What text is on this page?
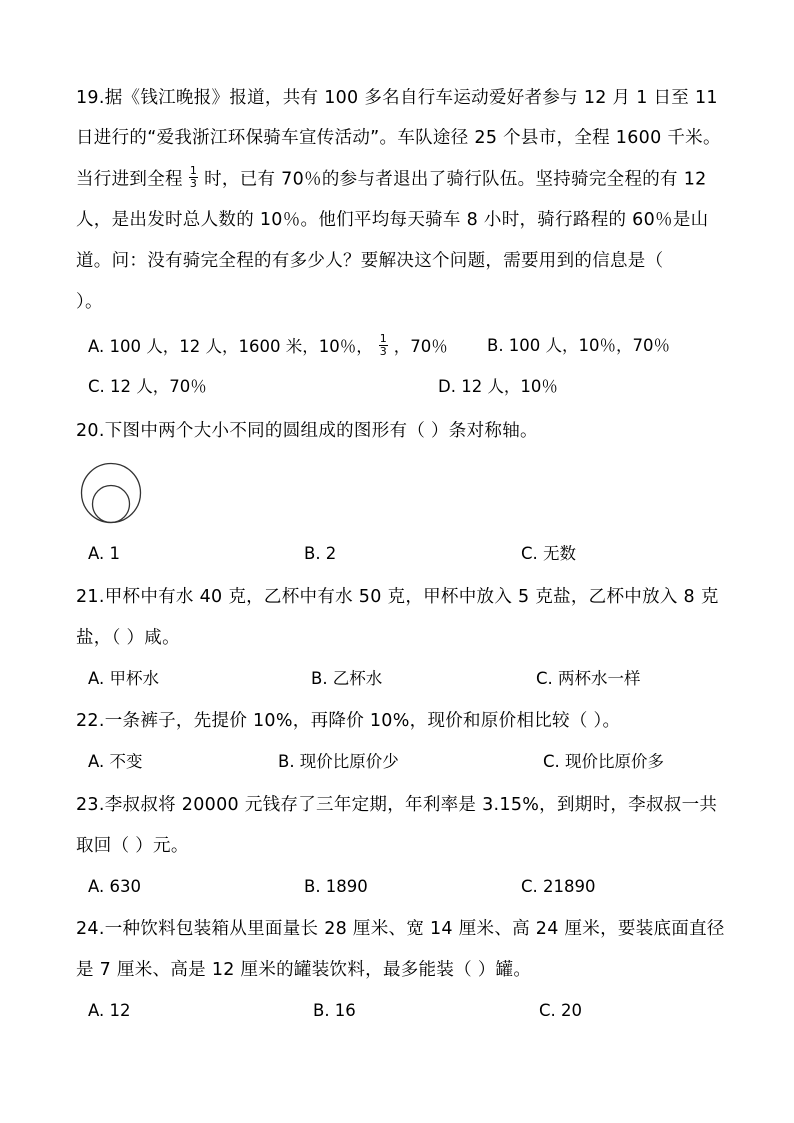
19.据《钱江晚报》报道，共有 100 多名自行车运动爱好者参与 12 月 1 日至 11
日进行的“爱我浙江环保骑车宣传活动”。车队途径 25 个县市，全程 1600 千米。
当行进到全程 $\frac{1}{3}$ 时，已有 70％的参与者退出了骑行队伍。坚持骑完全程的有 12
人，是出发时总人数的 10％。他们平均每天骑车 8 小时，骑行路程的 60％是山
道。问：没有骑完全程的有多少人？要解决这个问题，需要用到的信息是（
）。
A. 100 人，12 人，1600 米，10％， $\frac{1}{3}$ ，70％ B. 100 人，10％，70％
C. 12 人，70％	D. 12 人，10％
20.下图中两个大小不同的圆组成的图形有（ ）条对称轴。
A. 1	B. 2	C. 无数
21.甲杯中有水 40 克，乙杯中有水 50 克，甲杯中放入 5 克盐，乙杯中放入 8 克
盐，（ ）咸。
A. 甲杯水	B. 乙杯水	C. 两杯水一样
22.一条裤子，先提价 10%，再降价 10%，现价和原价相比较（ ）。
A. 不变	B. 现价比原价少	C. 现价比原价多
23.李叔叔将 20000 元钱存了三年定期，年利率是 3.15%，到期时，李叔叔一共
取回（ ）元。
A. 630	B. 1890	C. 21890
24.一种饮料包装箱从里面量长 28 厘米、宽 14 厘米、高 24 厘米，要装底面直径
是 7 厘米、高是 12 厘米的罐装饮料，最多能装（ ）罐。
A. 12	B. 16	C. 20
